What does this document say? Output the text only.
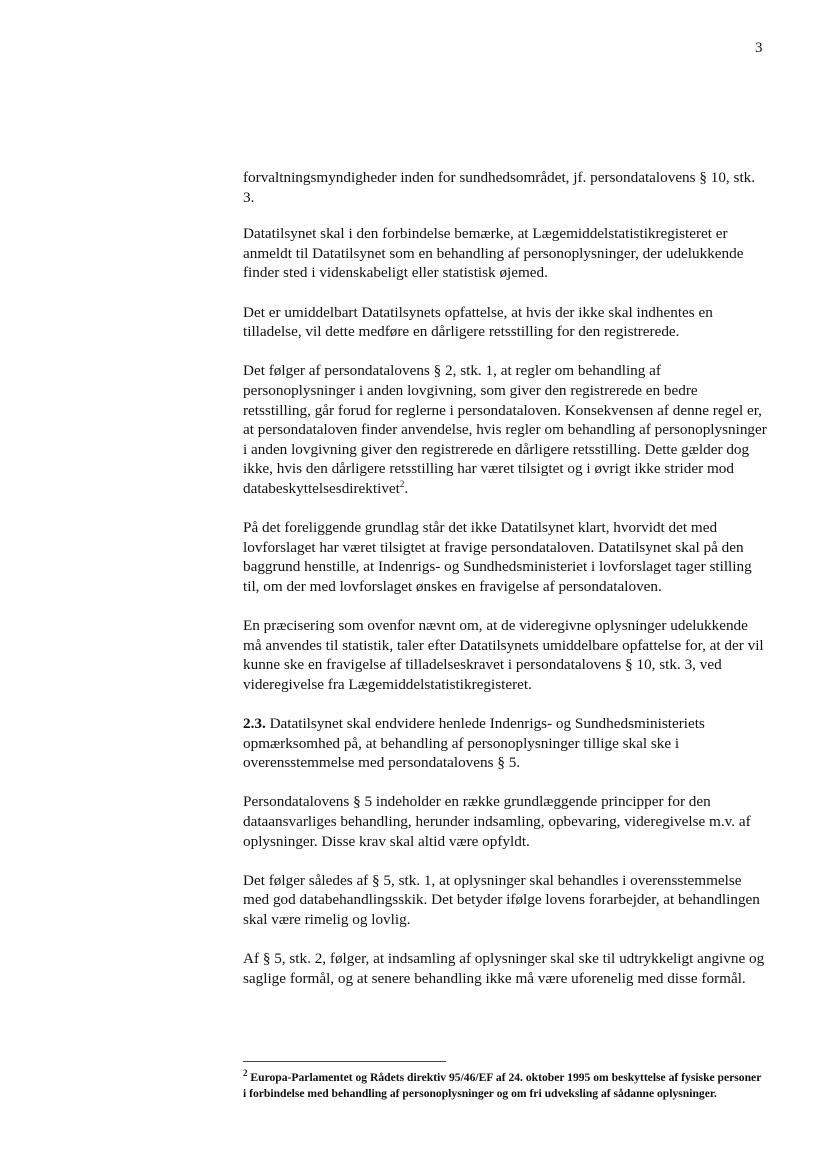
3

forvaltningsmyndigheder inden for sundhedsområdet, jf. persondatalovens § 10, stk. 3.

Datatilsynet skal i den forbindelse bemærke, at Lægemiddelstatistikregisteret er anmeldt til Datatilsynet som en behandling af personoplysninger, der udelukkende finder sted i videnskabeligt eller statistisk øjemed.

Det er umiddelbart Datatilsynets opfattelse, at hvis der ikke skal indhentes en tilladelse, vil dette medføre en dårligere retsstilling for den registrerede.

Det følger af persondatalovens § 2, stk. 1, at regler om behandling af personoplysninger i anden lovgivning, som giver den registrerede en bedre retsstilling, går forud for reglerne i persondataloven. Konsekvensen af denne regel er, at persondataloven finder anvendelse, hvis regler om behandling af personoplysninger i anden lovgivning giver den registrerede en dårligere retsstilling. Dette gælder dog ikke, hvis den dårligere retsstilling har været tilsigtet og i øvrigt ikke strider mod databeskyttelsesdirektivet$^2$.

På det foreliggende grundlag står det ikke Datatilsynet klart, hvorvidt det med lovforslaget har været tilsigtet at fravige persondataloven. Datatilsynet skal på den baggrund henstille, at Indenrigs- og Sundhedsministeriet i lovforslaget tager stilling til, om der med lovforslaget ønskes en fravigelse af persondataloven.

En præcisering som ovenfor nævnt om, at de videregivne oplysninger udelukkende må anvendes til statistik, taler efter Datatilsynets umiddelbare opfattelse for, at der vil kunne ske en fravigelse af tilladelseskravet i persondatalovens § 10, stk. 3, ved videregivelse fra Lægemiddelstatistikregisteret.

2.3. Datatilsynet skal endvidere henlede Indenrigs- og Sundhedsministeriets opmærksomhed på, at behandling af personoplysninger tillige skal ske i overensstemmelse med persondatalovens § 5.

Persondatalovens § 5 indeholder en række grundlæggende principper for den dataansvarliges behandling, herunder indsamling, opbevaring, videregivelse m.v. af oplysninger. Disse krav skal altid være opfyldt.

Det følger således af § 5, stk. 1, at oplysninger skal behandles i overensstemmelse med god databehandlingsskik. Det betyder ifølge lovens forarbejder, at behandlingen skal være rimelig og lovlig.

Af § 5, stk. 2, følger, at indsamling af oplysninger skal ske til udtrykkeligt angivne og saglige formål, og at senere behandling ikke må være uforenelig med disse formål.

$^2$ Europa-Parlamentet og Rådets direktiv 95/46/EF af 24. oktober 1995 om beskyttelse af fysiske personer i forbindelse med behandling af personoplysninger og om fri udveksling af sådanne oplysninger.
